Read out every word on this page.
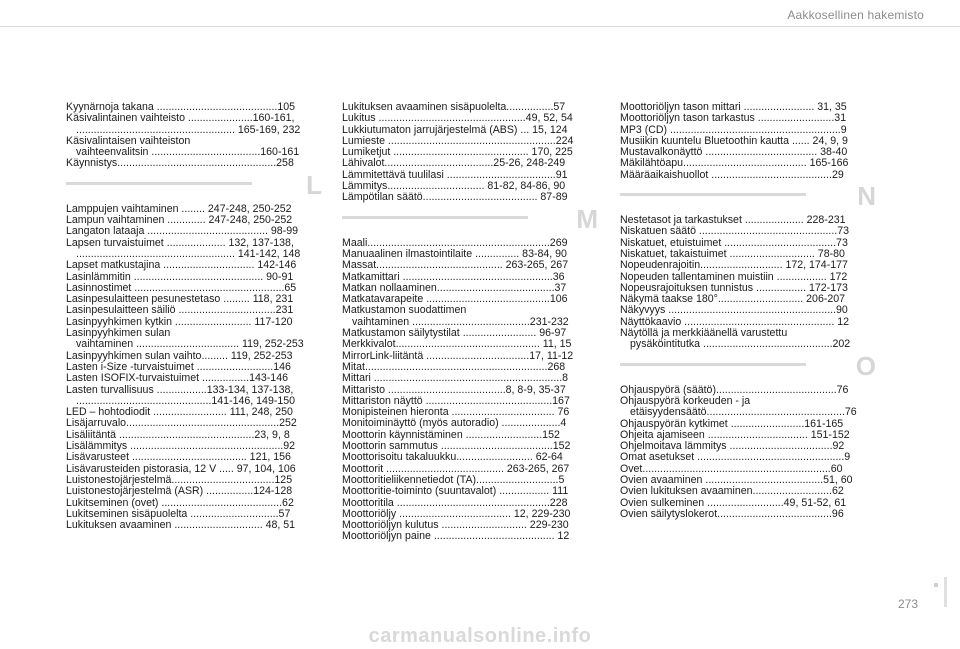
Aakkosellinen hakemisto
Kyynärnoja takana .........................................105
Käsivalintainen vaihteisto ......................160-161,
...................................................... 165-169, 232
Käsivalintaisen vaihteiston
vaihteenvalitsin .....................................160-161
Käynnistys......................................................258
L
Lamppujen vaihtaminen ........ 247-248, 250-252
Lampun vaihtaminen ............. 247-248, 250-252
Langaton lataaja ......................................... 98-99
Lapsen turvaistuimet .................... 132, 137-138,
...................................................... 141-142, 148
Lapset matkustajina ............................... 142-146
Lasinlämmitin ............................................ 90-91
Lasinnostimet ...................................................65
Lasinpesulaitteen pesunestetaso ......... 118, 231
Lasinpesulaitteen säiliö .................................231
Lasinpyyhkimen kytkin .......................... 117-120
Lasinpyyhkimen sulan
vaihtaminen ................................... 119, 252-253
Lasinpyyhkimen sulan vaihto......... 119, 252-253
Lasten i-Size -turvaistuimet ..........................146
Lasten ISOFIX-turvaistuimet ................143-146
Lasten turvallisuus .................133-134, 137-138,
..............................................141-146, 149-150
LED – hohtodiodit ......................... 111, 248, 250
Lisäjarruvalo....................................................252
Lisäliitäntä ..............................................23, 9, 8
Lisälämmitys ....................................................92
Lisävarusteet ....................................... 121, 156
Lisävarusteiden pistorasia, 12 V ..... 97, 104, 106
Luistonestojärjestelmä...................................125
Luistonestojärjestelmä (ASR) ................124-128
Lukitseminen (ovet) .........................................62
Lukitseminen sisäpuolelta ..............................57
Lukituksen avaaminen .............................. 48, 51
Lukituksen avaaminen sisäpuolelta................57
Lukitus ..................................................49, 52, 54
Lukkiutumaton jarrujärjestelmä (ABS) ... 15, 124
Lumieste .........................................................224
Lumiketjut .............................................. 170, 225
Lähivalot.....................................25-26, 248-249
Lämmitettävä tuulilasi .....................................91
Lämmitys................................. 81-82, 84-86, 90
Lämpötilan säätö....................................... 87-89
M
Maali..............................................................269
Manuaalinen ilmastointilaite ............... 83-84, 90
Massat........................................... 263-265, 267
Matkamittari ...................................................36
Matkan nollaaminen........................................37
Matkatavarapeite ..........................................106
Matkustamon suodattimen
vaihtaminen ........................................231-232
Matkustamon säilytystilat ......................... 96-97
Merkkivalot................................................. 11, 15
MirrorLink-liitäntä ...................................17, 11-12
Mitat..............................................................268
Mittari ................................................................8
Mittaristo ........................................8, 8-9, 35-37
Mittariston näyttö ...........................................167
Monipisteinen hieronta ................................... 76
Monitoiminäyttö (myös autoradio) ....................4
Moottorin käynnistäminen ..........................152
Moottorin sammutus ......................................152
Moottorisoitu takaluukku.......................... 62-64
Moottorit ........................................ 263-265, 267
Moottoritieliikennetiedot (TA)............................5
Moottoritie-toiminto (suuntavalot) ................. 111
Moottoritila ....................................................228
Moottoriöljy ...................................... 12, 229-230
Moottoriöljyn kulutus ............................. 229-230
Moottoriöljyn paine ......................................... 12
Moottoriöljyn tason mittari ........................ 31, 35
Moottoriöljyn tason tarkastus ..........................31
MP3 (CD) ..........................................................9
Musiikin kuuntelu Bluetoothin kautta ...... 24, 9, 9
Mustavalkonäyttö ...................................... 38-40
Mäkilähtöapu.......................................... 165-166
Määräaikaishuollot .........................................29
N
Nestetasot ja tarkastukset .................... 228-231
Niskatuen säätö ...............................................73
Niskatuet, etuistuimet ......................................73
Niskatuet, takaistuimet ............................. 78-80
Nopeudenrajoitin............................ 172, 174-177
Nopeuden tallentaminen muistiin ................. 172
Nopeusrajoituksen tunnistus ................. 172-173
Näkymä taakse 180°............................. 206-207
Näkyvyys .........................................................90
Näyttökaavio ................................................... 12
Näytöllä ja merkkiäänellä varustettu
pysäköintitutka ............................................202
O
Ohjauspyörä (säätö).........................................76
Ohjauspyörä korkeuden - ja
etäisyydensäätö...............................................76
Ohjauspyörän kytkimet .........................161-165
Ohjeita ajamiseen .................................. 151-152
Ohjelmoitava lämmitys ...................................92
Omat asetukset ..................................................9
Ovet................................................................60
Ovien avaaminen ........................................51, 60
Ovien lukituksen avaaminen...........................62
Ovien sulkeminen ..........................49, 51-52, 61
Ovien säilytyslokerot.......................................96
273
carmanualsonline.info
